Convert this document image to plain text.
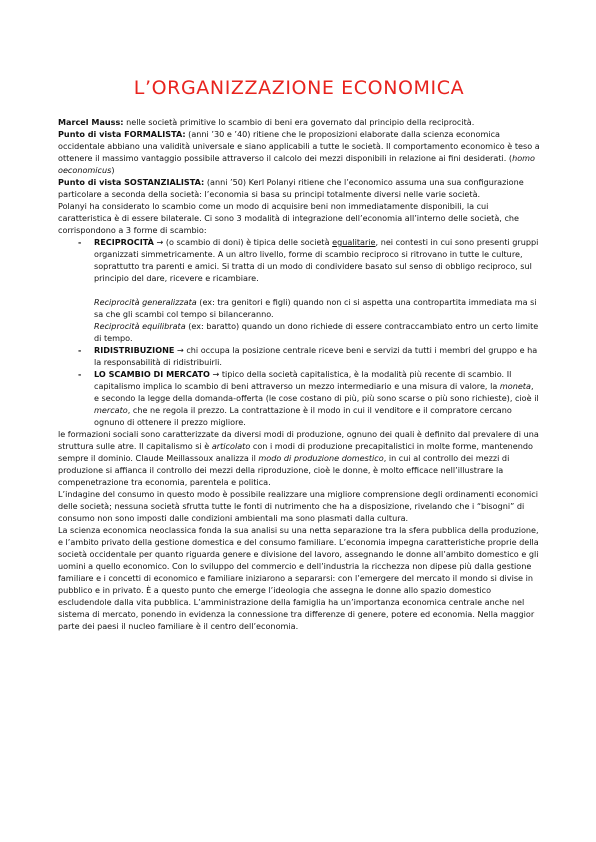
L’ORGANIZZAZIONE ECONOMICA

Marcel Mauss: nelle società primitive lo scambio di beni era governato dal principio della reciprocità.

Punto di vista FORMALISTA: (anni ’30 e ’40) ritiene che le proposizioni elaborate dalla scienza economica occidentale abbiano una validità universale e siano applicabili a tutte le società. Il comportamento economico è teso a ottenere il massimo vantaggio possibile attraverso il calcolo dei mezzi disponibili in relazione ai fini desiderati. (homo oeconomicus)

Punto di vista SOSTANZIALISTA: (anni ’50) Kerl Polanyi ritiene che l’economico assuma una sua configurazione particolare a seconda della società: l’economia si basa su principi totalmente diversi nelle varie società.

Polanyi ha considerato lo scambio come un modo di acquisire beni non immediatamente disponibili, la cui caratteristica è di essere bilaterale. Ci sono 3 modalità di integrazione dell’economia all’interno delle società, che corrispondono a 3 forme di scambio:

- RECIPROCITÀ → (o scambio di doni) è tipica delle società egualitarie, nei contesti in cui sono presenti gruppi organizzati simmetricamente. A un altro livello, forme di scambio reciproco si ritrovano in tutte le culture, soprattutto tra parenti e amici. Si tratta di un modo di condividere basato sul senso di obbligo reciproco, sul principio del dare, ricevere e ricambiare.
Reciprocità generalizzata (ex: tra genitori e figli) quando non ci si aspetta una contropartita immediata ma si sa che gli scambi col tempo si bilanceranno.
Reciprocità equilibrata (ex: baratto) quando un dono richiede di essere contraccambiato entro un certo limite di tempo.
- RIDISTRIBUZIONE → chi occupa la posizione centrale riceve beni e servizi da tutti i membri del gruppo e ha la responsabilità di ridistribuirli.
- LO SCAMBIO DI MERCATO → tipico della società capitalistica, è la modalità più recente di scambio. Il capitalismo implica lo scambio di beni attraverso un mezzo intermediario e una misura di valore, la moneta, e secondo la legge della domanda-offerta (le cose costano di più, più sono scarse o più sono richieste), cioè il mercato, che ne regola il prezzo. La contrattazione è il modo in cui il venditore e il compratore cercano ognuno di ottenere il prezzo migliore.

le formazioni sociali sono caratterizzate da diversi modi di produzione, ognuno dei quali è definito dal prevalere di una struttura sulle atre. Il capitalismo si è articolato con i modi di produzione precapitalistici in molte forme, mantenendo sempre il dominio. Claude Meillassoux analizza il modo di produzione domestico, in cui al controllo dei mezzi di produzione si affianca il controllo dei mezzi della riproduzione, cioè le donne, è molto efficace nell’illustrare la compenetrazione tra economia, parentela e politica.

L’indagine del consumo in questo modo è possibile realizzare una migliore comprensione degli ordinamenti economici delle società; nessuna società sfrutta tutte le fonti di nutrimento che ha a disposizione, rivelando che i “bisogni” di consumo non sono imposti dalle condizioni ambientali ma sono plasmati dalla cultura.

La scienza economica neoclassica fonda la sua analisi su una netta separazione tra la sfera pubblica della produzione, e l’ambito privato della gestione domestica e del consumo familiare. L’economia impegna caratteristiche proprie della società occidentale per quanto riguarda genere e divisione del lavoro, assegnando le donne all’ambito domestico e gli uomini a quello economico. Con lo sviluppo del commercio e dell’industria la ricchezza non dipese più dalla gestione familiare e i concetti di economico e familiare iniziarono a separarsi: con l’emergere del mercato il mondo si divise in pubblico e in privato. È a questo punto che emerge l’ideologia che assegna le donne allo spazio domestico escludendole dalla vita pubblica. L’amministrazione della famiglia ha un’importanza economica centrale anche nel sistema di mercato, ponendo in evidenza la connessione tra differenze di genere, potere ed economia. Nella maggior parte dei paesi il nucleo familiare è il centro dell’economia.
